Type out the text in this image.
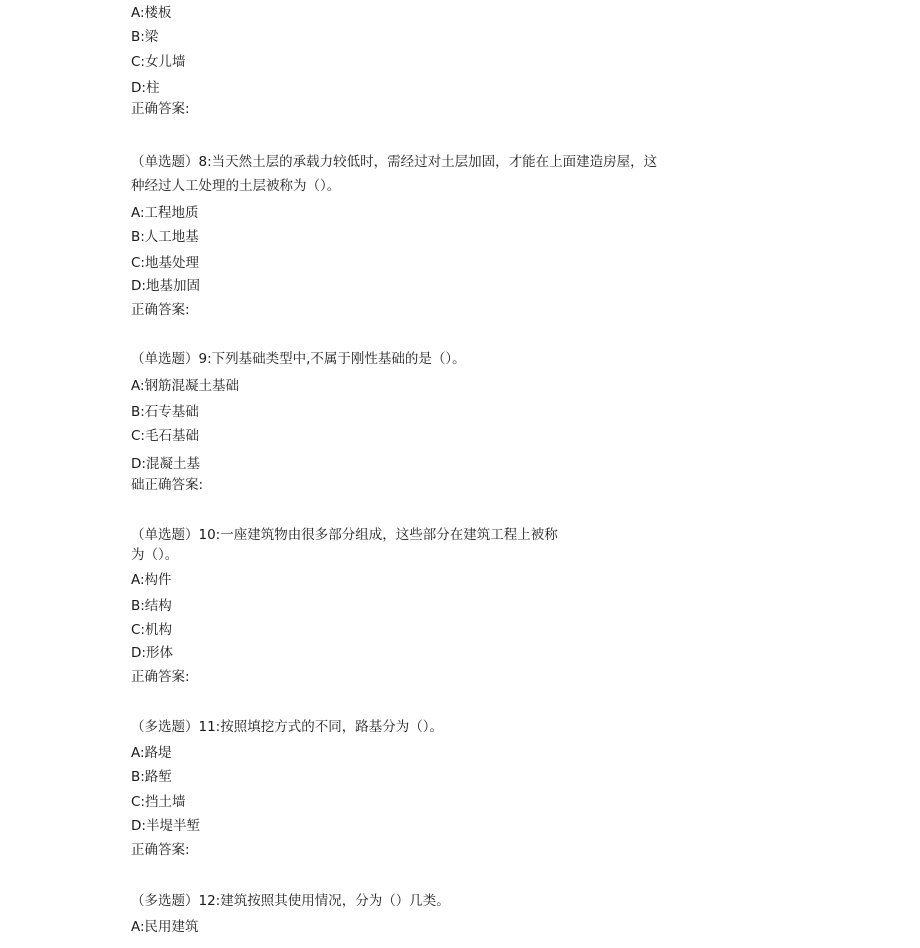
A:楼板
B:梁
C:女儿墙
D:柱
正确答案:
（单选题）8:当天然土层的承载力较低时，需经过对土层加固，才能在上面建造房屋，这
种经过人工处理的土层被称为（）。
A:工程地质
B:人工地基
C:地基处理
D:地基加固
正确答案:
（单选题）9:下列基础类型中,不属于刚性基础的是（）。
A:钢筋混凝土基础
B:石专基础
C:毛石基础
D:混凝土基
础正确答案:
（单选题）10:一座建筑物由很多部分组成，这些部分在建筑工程上被称
为（）。
A:构件
B:结构
C:机构
D:形体
正确答案:
（多选题）11:按照填挖方式的不同，路基分为（）。
A:路堤
B:路堑
C:挡土墙
D:半堤半堑
正确答案:
（多选题）12:建筑按照其使用情况，分为（）几类。
A:民用建筑
